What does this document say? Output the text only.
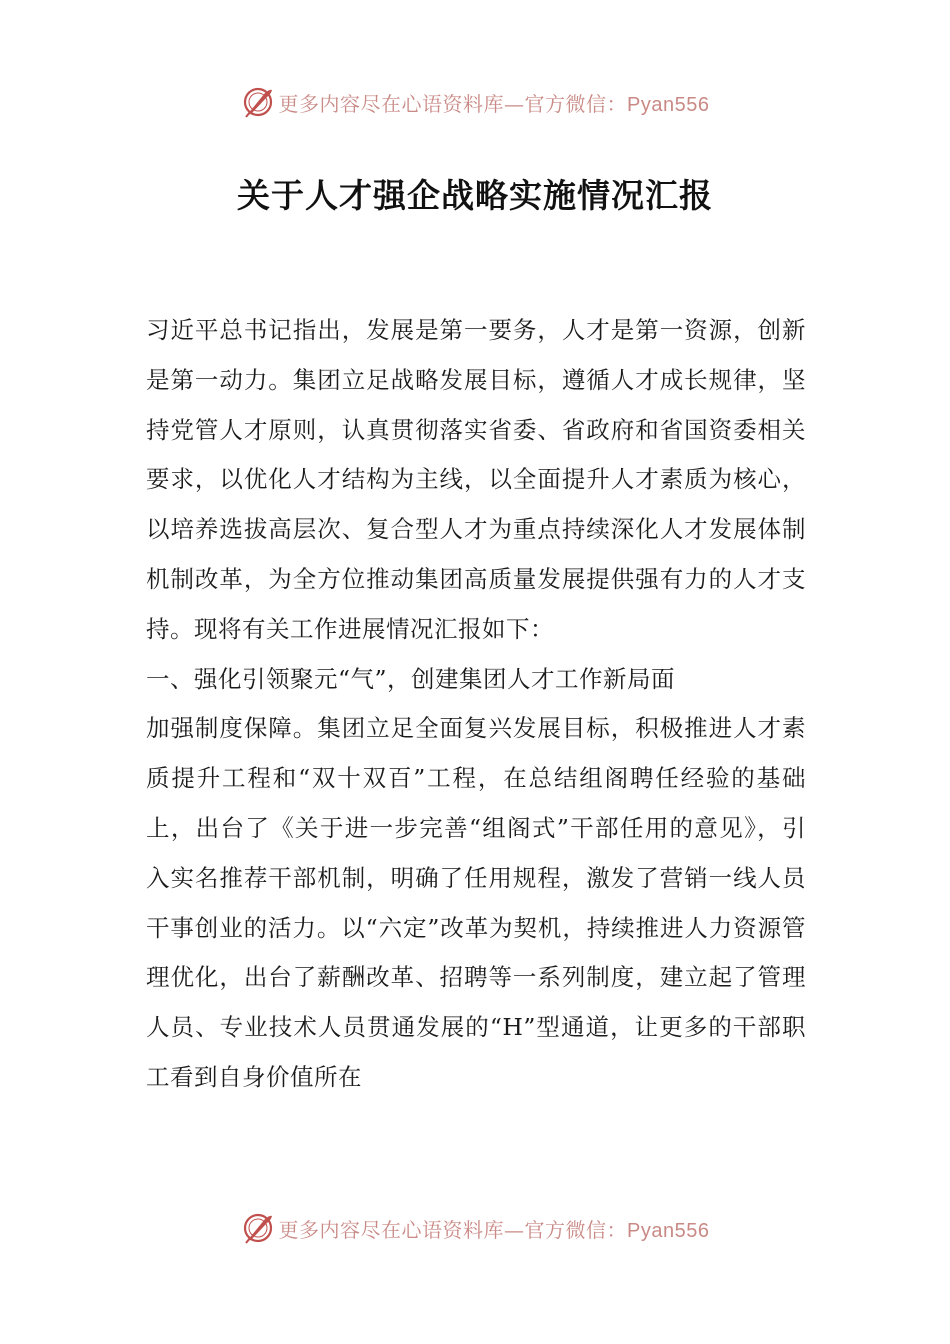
更多内容尽在心语资料库—官方微信：Pyan556
关于人才强企战略实施情况汇报

习近平总书记指出，发展是第一要务，人才是第一资源，创新是第一动力。集团立足战略发展目标，遵循人才成长规律，坚持党管人才原则，认真贯彻落实省委、省政府和省国资委相关要求，以优化人才结构为主线，以全面提升人才素质为核心，以培养选拔高层次、复合型人才为重点持续深化人才发展体制机制改革，为全方位推动集团高质量发展提供强有力的人才支持。现将有关工作进展情况汇报如下：

一、强化引领聚元“气”，创建集团人才工作新局面

加强制度保障。集团立足全面复兴发展目标，积极推进人才素质提升工程和“双十双百”工程，在总结组阁聘任经验的基础上，出台了《关于进一步完善“组阁式”干部任用的意见》，引入实名推荐干部机制，明确了任用规程，激发了营销一线人员干事创业的活力。以“六定”改革为契机，持续推进人力资源管理优化，出台了薪酬改革、招聘等一系列制度，建立起了管理人员、专业技术人员贯通发展的“H”型通道，让更多的干部职工看到自身价值所在

更多内容尽在心语资料库—官方微信：Pyan556
